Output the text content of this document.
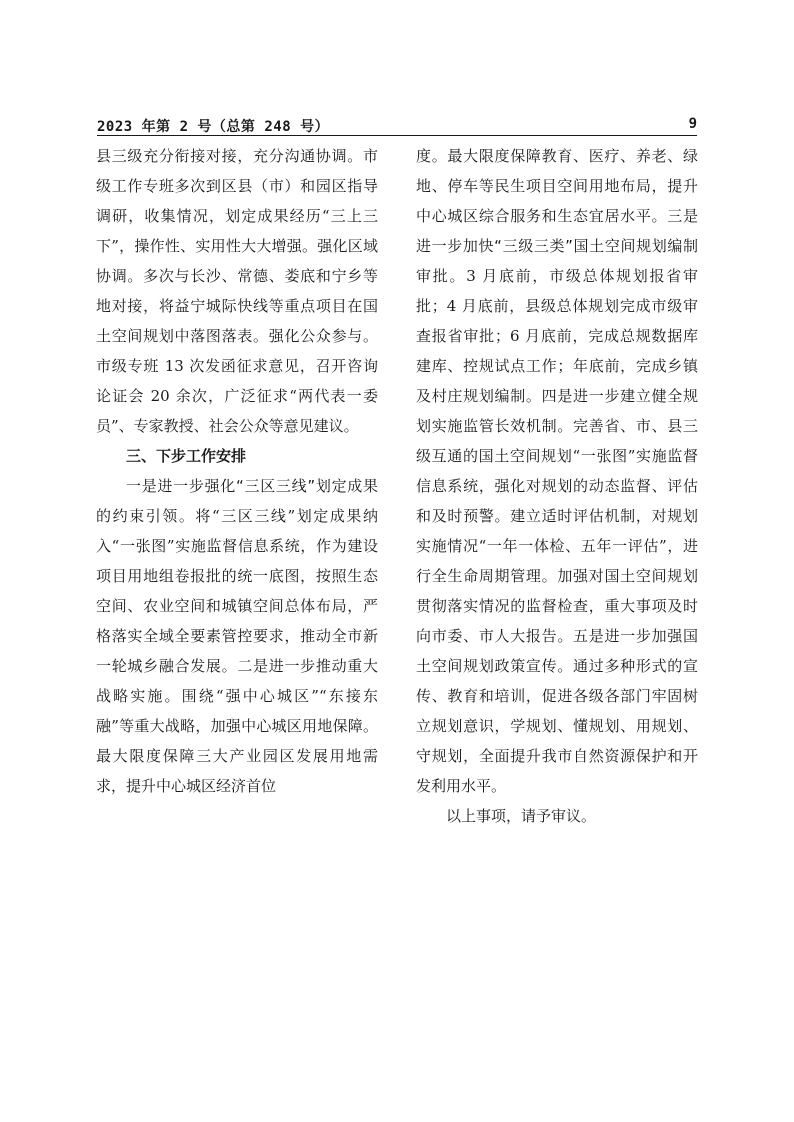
2023 年第 2 号（总第 248 号）	9

县三级充分衔接对接，充分沟通协调。市级工作专班多次到区县（市）和园区指导调研，收集情况，划定成果经历“三上三下”，操作性、实用性大大增强。强化区域协调。多次与长沙、常德、娄底和宁乡等地对接，将益宁城际快线等重点项目在国土空间规划中落图落表。强化公众参与。市级专班 13 次发函征求意见，召开咨询论证会 20 余次，广泛征求“两代表一委员”、专家教授、社会公众等意见建议。

三、下步工作安排

一是进一步强化“三区三线”划定成果的约束引领。将“三区三线”划定成果纳入“一张图”实施监督信息系统，作为建设项目用地组卷报批的统一底图，按照生态空间、农业空间和城镇空间总体布局，严格落实全域全要素管控要求，推动全市新一轮城乡融合发展。二是进一步推动重大战略实施。围绕“强中心城区”“东接东融”等重大战略，加强中心城区用地保障。最大限度保障三大产业园区发展用地需求，提升中心城区经济首位

度。最大限度保障教育、医疗、养老、绿地、停车等民生项目空间用地布局，提升中心城区综合服务和生态宜居水平。三是进一步加快“三级三类”国土空间规划编制审批。3 月底前，市级总体规划报省审批；4 月底前，县级总体规划完成市级审查报省审批；6 月底前，完成总规数据库建库、控规试点工作；年底前，完成乡镇及村庄规划编制。四是进一步建立健全规划实施监管长效机制。完善省、市、县三级互通的国土空间规划“一张图”实施监督信息系统，强化对规划的动态监督、评估和及时预警。建立适时评估机制，对规划实施情况“一年一体检、五年一评估”，进行全生命周期管理。加强对国土空间规划贯彻落实情况的监督检查，重大事项及时向市委、市人大报告。五是进一步加强国土空间规划政策宣传。通过多种形式的宣传、教育和培训，促进各级各部门牢固树立规划意识，学规划、懂规划、用规划、守规划，全面提升我市自然资源保护和开发利用水平。

以上事项，请予审议。
